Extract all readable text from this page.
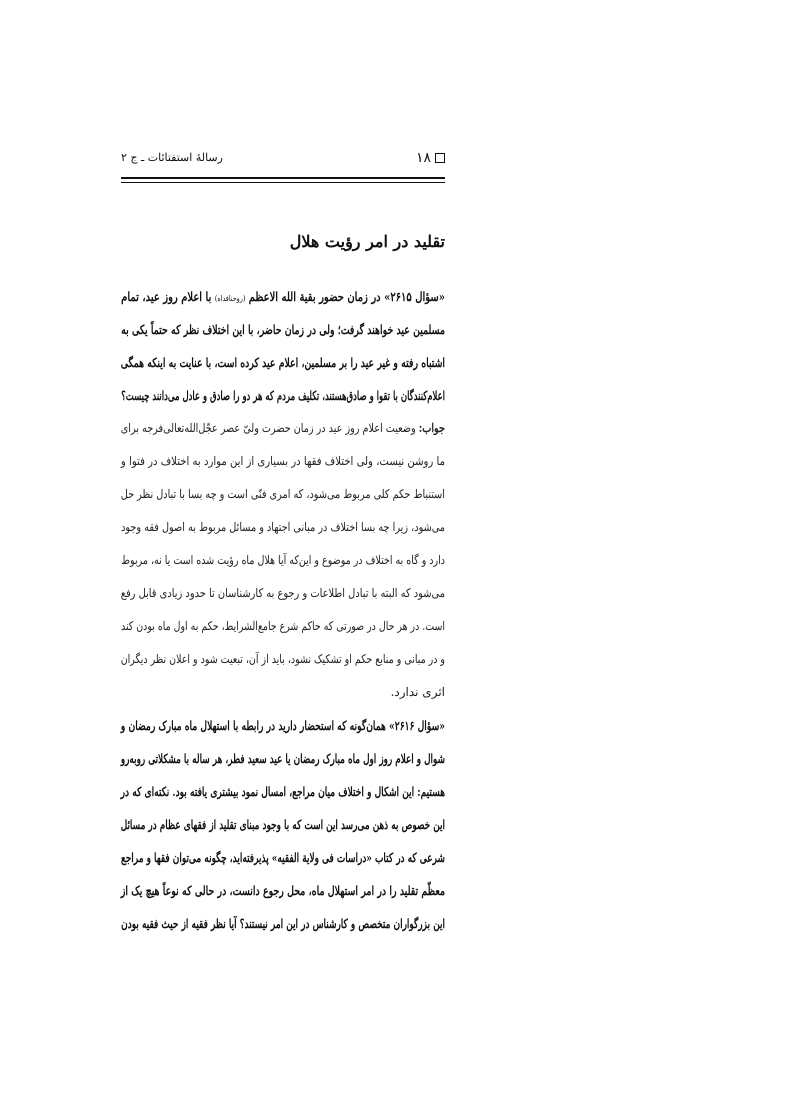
۱۸
رسالهٔ استفتائات ـ ج ۲
تقلید در امر رؤیت هلال
«سؤال ۲۶۱۵» در زمان حضور بقیة الله الاعظم (روحنافداه) با اعلام روز عید، تمام
مسلمین عید خواهند گرفت؛ ولی در زمان حاضر، با این اختلاف نظر که حتماً یکی به
اشتباه رفته و غیر عید را بر مسلمین، اعلام عید کرده است، با عنایت به اینکه همگی
اعلام‌کنندگان با تقوا و صادق‌هستند، تکلیف مردم که هر دو را صادق و عادل می‌دانند چیست؟
جواب: وضعیت اعلام روز عید در زمان حضرت ولیّ عصر عجّل‌الله‌تعالی‌فرجه برای
ما روشن نیست، ولی اختلاف فقها در بسیاری از این موارد به اختلاف در فتوا و
استنباط حکم کلی مربوط می‌شود، که امری فنّی است و چه بسا با تبادل نظر حل
می‌شود، زیرا چه بسا اختلاف در مبانی اجتهاد و مسائل مربوط به اصول فقه وجود
دارد و گاه به اختلاف در موضوع و این‌که آیا هلال ماه رؤیت شده است یا نه، مربوط
می‌شود که البته با تبادل اطلاعات و رجوع به کارشناسان تا حدود زیادی قابل رفع
است. در هر حال در صورتی که حاکم شرع جامع‌الشرایط، حکم به اول ماه بودن کند
و در مبانی و منابع حکم او تشکیک نشود، باید از آن، تبعیت شود و اعلان نظر دیگران
اثری ندارد.
«سؤال ۲۶۱۶» همان‌گونه که استحضار دارید در رابطه با استهلال ماه مبارک رمضان و
شوال و اعلام روز اول ماه مبارک رمضان یا عید سعید فطر، هر ساله با مشکلاتی روبه‌رو
هستیم: این اشکال و اختلاف میان مراجع، امسال نمود بیشتری یافته بود. نکته‌ای که در
این خصوص به ذهن می‌رسد این است که با وجود مبنای تقلید از فقهای عظام در مسائل
شرعی که در کتاب «دراسات فی ولایة الفقیه» پذیرفته‌اید، چگونه می‌توان فقها و مراجع
معظّم تقلید را در امر استهلال ماه، محل رجوع دانست، در حالی که نوعاً هیچ یک از
این بزرگواران متخصص و کارشناس در این امر نیستند؟ آیا نظر فقیه از حیث فقیه بودن
